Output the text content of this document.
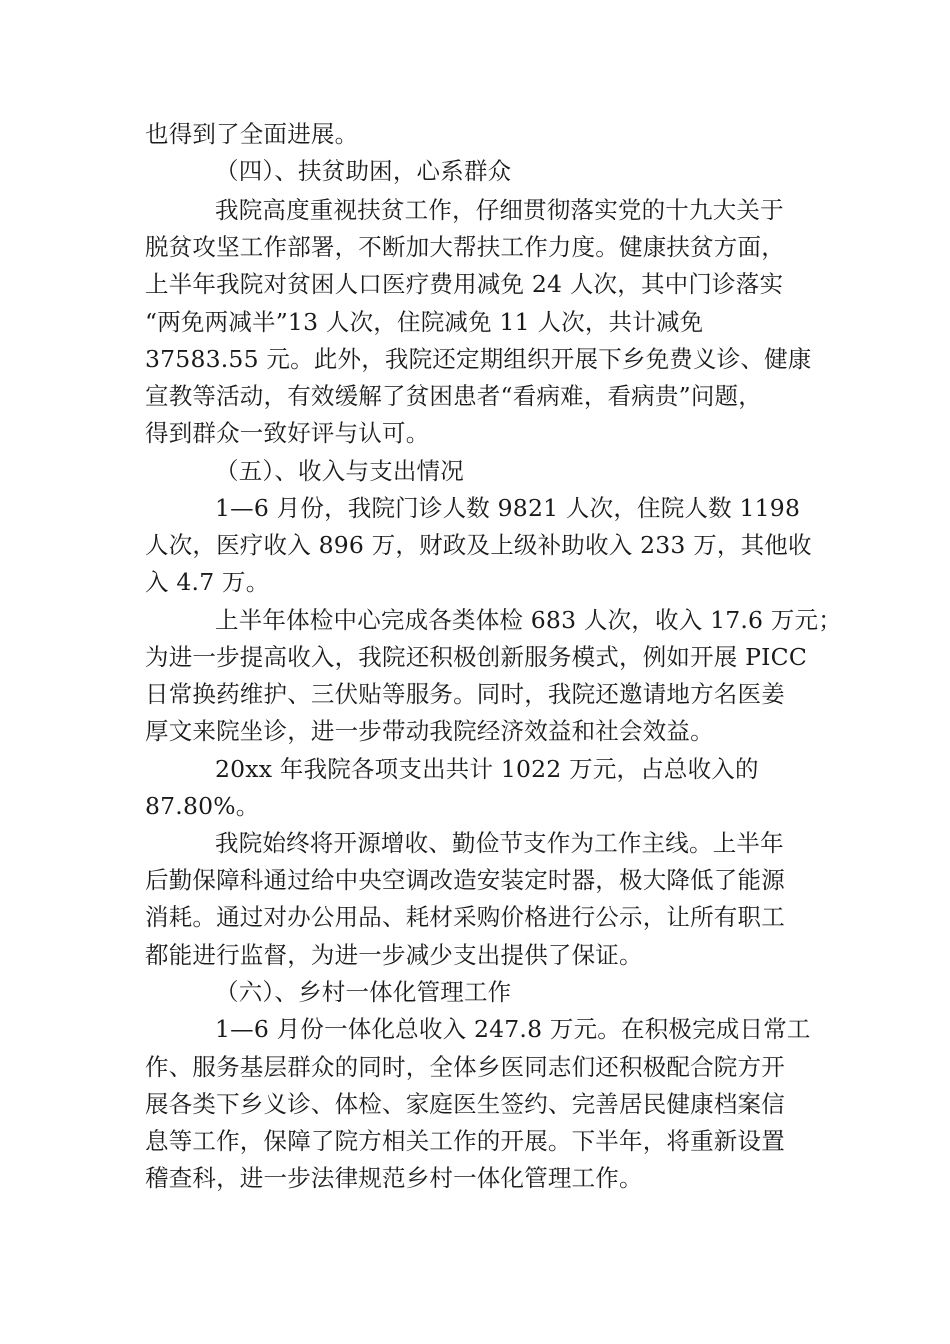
也得到了全面进展。
（四）、扶贫助困，心系群众
我院高度重视扶贫工作，仔细贯彻落实党的十九大关于
脱贫攻坚工作部署，不断加大帮扶工作力度。健康扶贫方面，
上半年我院对贫困人口医疗费用减免 24 人次，其中门诊落实
“两免两减半”13 人次，住院减免 11 人次，共计减免
37583.55 元。此外，我院还定期组织开展下乡免费义诊、健康
宣教等活动，有效缓解了贫困患者“看病难，看病贵”问题，
得到群众一致好评与认可。
（五）、收入与支出情况
1—6 月份，我院门诊人数 9821 人次，住院人数 1198
人次，医疗收入 896 万，财政及上级补助收入 233 万，其他收
入 4.7 万。
上半年体检中心完成各类体检 683 人次，收入 17.6 万元；
为进一步提高收入，我院还积极创新服务模式，例如开展 PICC
日常换药维护、三伏贴等服务。同时，我院还邀请地方名医姜
厚文来院坐诊，进一步带动我院经济效益和社会效益。
20xx 年我院各项支出共计 1022 万元，占总收入的
87.80%。
我院始终将开源增收、勤俭节支作为工作主线。上半年
后勤保障科通过给中央空调改造安装定时器，极大降低了能源
消耗。通过对办公用品、耗材采购价格进行公示，让所有职工
都能进行监督，为进一步减少支出提供了保证。
（六）、乡村一体化管理工作
1—6 月份一体化总收入 247.8 万元。在积极完成日常工
作、服务基层群众的同时，全体乡医同志们还积极配合院方开
展各类下乡义诊、体检、家庭医生签约、完善居民健康档案信
息等工作，保障了院方相关工作的开展。下半年，将重新设置
稽查科，进一步法律规范乡村一体化管理工作。
